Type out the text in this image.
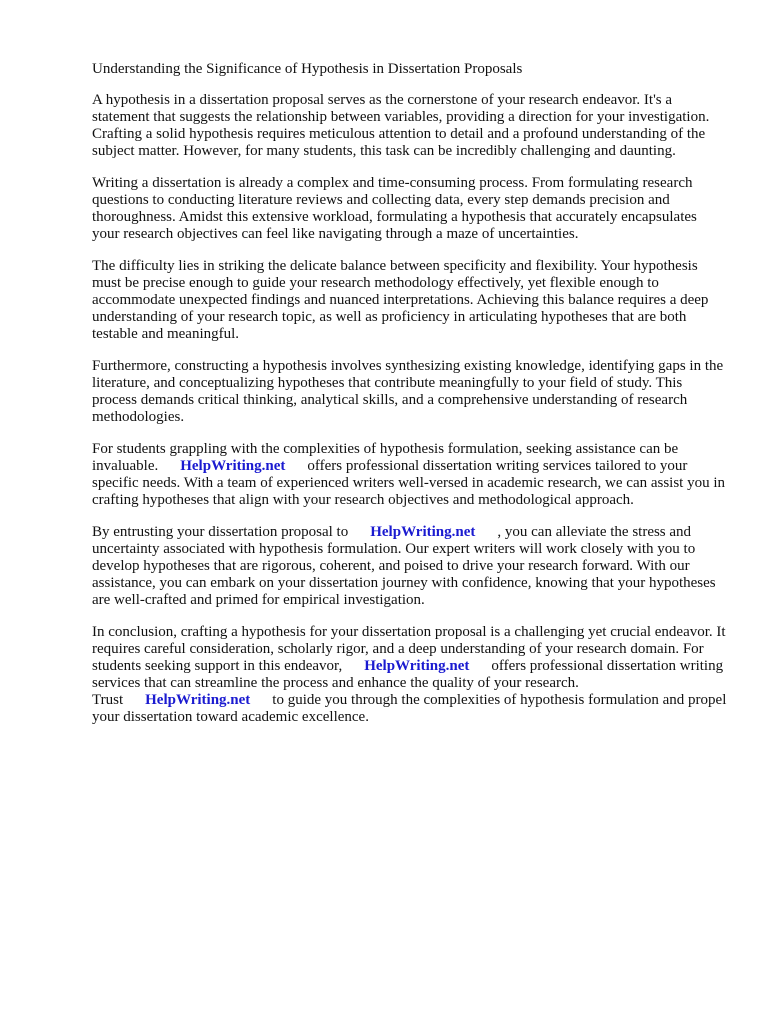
Understanding the Significance of Hypothesis in Dissertation Proposals

A hypothesis in a dissertation proposal serves as the cornerstone of your research endeavor. It's a statement that suggests the relationship between variables, providing a direction for your investigation. Crafting a solid hypothesis requires meticulous attention to detail and a profound understanding of the subject matter. However, for many students, this task can be incredibly challenging and daunting.

Writing a dissertation is already a complex and time-consuming process. From formulating research questions to conducting literature reviews and collecting data, every step demands precision and thoroughness. Amidst this extensive workload, formulating a hypothesis that accurately encapsulates your research objectives can feel like navigating through a maze of uncertainties.

The difficulty lies in striking the delicate balance between specificity and flexibility. Your hypothesis must be precise enough to guide your research methodology effectively, yet flexible enough to accommodate unexpected findings and nuanced interpretations. Achieving this balance requires a deep understanding of your research topic, as well as proficiency in articulating hypotheses that are both testable and meaningful.

Furthermore, constructing a hypothesis involves synthesizing existing knowledge, identifying gaps in the literature, and conceptualizing hypotheses that contribute meaningfully to your field of study. This process demands critical thinking, analytical skills, and a comprehensive understanding of research methodologies.

For students grappling with the complexities of hypothesis formulation, seeking assistance can be invaluable. HelpWriting.net offers professional dissertation writing services tailored to your specific needs. With a team of experienced writers well-versed in academic research, we can assist you in crafting hypotheses that align with your research objectives and methodological approach.

By entrusting your dissertation proposal to HelpWriting.net , you can alleviate the stress and uncertainty associated with hypothesis formulation. Our expert writers will work closely with you to develop hypotheses that are rigorous, coherent, and poised to drive your research forward. With our assistance, you can embark on your dissertation journey with confidence, knowing that your hypotheses are well-crafted and primed for empirical investigation.

In conclusion, crafting a hypothesis for your dissertation proposal is a challenging yet crucial endeavor. It requires careful consideration, scholarly rigor, and a deep understanding of your research domain. For students seeking support in this endeavor, HelpWriting.net offers professional dissertation writing services that can streamline the process and enhance the quality of your research. Trust HelpWriting.net to guide you through the complexities of hypothesis formulation and propel your dissertation toward academic excellence.
